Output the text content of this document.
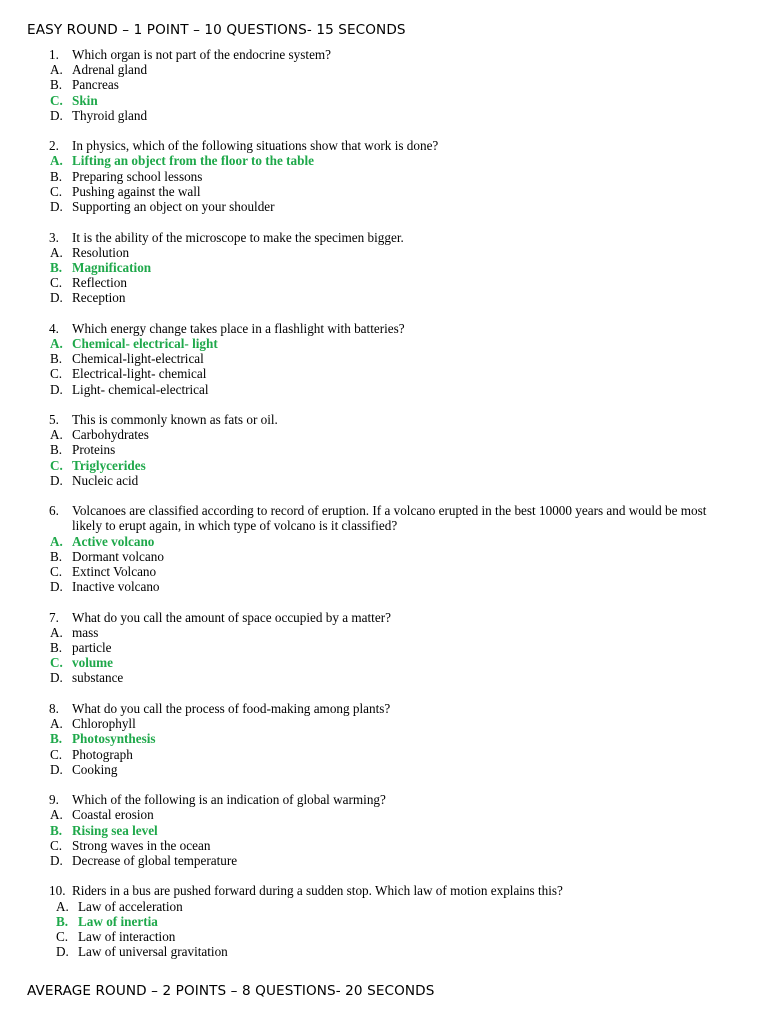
EASY ROUND – 1 POINT – 10 QUESTIONS- 15 SECONDS
1. Which organ is not part of the endocrine system?
A. Adrenal gland
B. Pancreas
C. Skin
D. Thyroid gland
2. In physics, which of the following situations show that work is done?
A. Lifting an object from the floor to the table
B. Preparing school lessons
C. Pushing against the wall
D. Supporting an object on your shoulder
3. It is the ability of the microscope to make the specimen bigger.
A. Resolution
B. Magnification
C. Reflection
D. Reception
4. Which energy change takes place in a flashlight with batteries?
A. Chemical- electrical- light
B. Chemical-light-electrical
C. Electrical-light- chemical
D. Light- chemical-electrical
5. This is commonly known as fats or oil.
A. Carbohydrates
B. Proteins
C. Triglycerides
D. Nucleic acid
6. Volcanoes are classified according to record of eruption. If a volcano erupted in the best 10000 years and would be most likely to erupt again, in which type of volcano is it classified?
A. Active volcano
B. Dormant volcano
C. Extinct Volcano
D. Inactive volcano
7. What do you call the amount of space occupied by a matter?
A. mass
B. particle
C. volume
D. substance
8. What do you call the process of food-making among plants?
A. Chlorophyll
B. Photosynthesis
C. Photograph
D. Cooking
9. Which of the following is an indication of global warming?
A. Coastal erosion
B. Rising sea level
C. Strong waves in the ocean
D. Decrease of global temperature
10. Riders in a bus are pushed forward during a sudden stop. Which law of motion explains this?
A. Law of acceleration
B. Law of inertia
C. Law of interaction
D. Law of universal gravitation
AVERAGE ROUND – 2 POINTS – 8 QUESTIONS- 20 SECONDS
